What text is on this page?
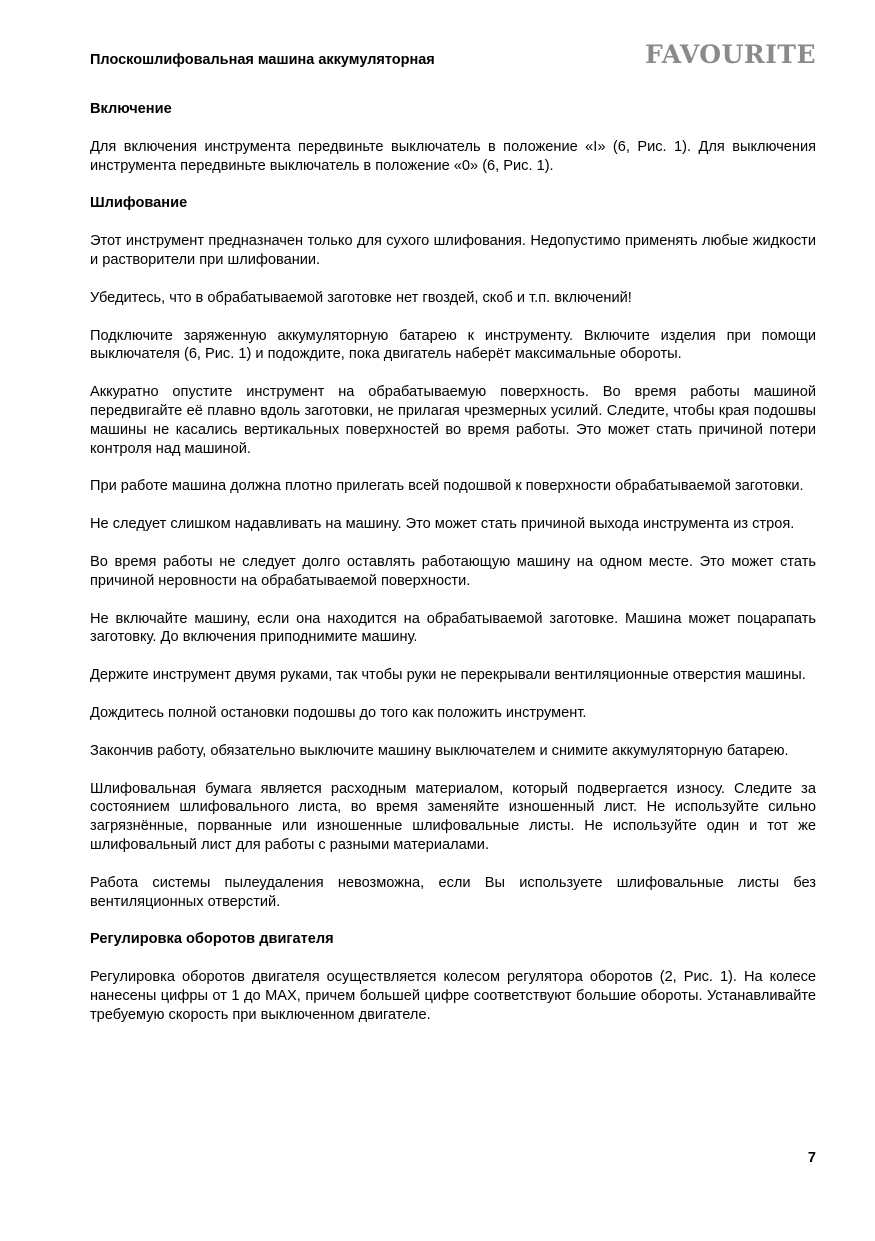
Плоскошлифовальная машина аккумуляторная	FAVOURITE
Включение

Для включения инструмента передвиньте выключатель в положение «I» (6, Рис. 1). Для выключения инструмента передвиньте выключатель в положение «0» (6, Рис. 1).

Шлифование

Этот инструмент предназначен только для сухого шлифования. Недопустимо применять любые жидкости и растворители при шлифовании.

Убедитесь, что в обрабатываемой заготовке нет гвоздей, скоб и т.п. включений!

Подключите заряженную аккумуляторную батарею к инструменту. Включите изделия при помощи выключателя (6, Рис. 1) и подождите, пока двигатель наберёт максимальные обороты.

Аккуратно опустите инструмент на обрабатываемую поверхность. Во время работы машиной передвигайте её плавно вдоль заготовки, не прилагая чрезмерных усилий. Следите, чтобы края подошвы машины не касались вертикальных поверхностей во время работы. Это может стать причиной потери контроля над машиной.

При работе машина должна плотно прилегать всей подошвой к поверхности обрабатываемой заготовки.

Не следует слишком надавливать на машину. Это может стать причиной выхода инструмента из строя.

Во время работы не следует долго оставлять работающую машину на одном месте. Это может стать причиной неровности на обрабатываемой поверхности.

Не включайте машину, если она находится на обрабатываемой заготовке. Машина может поцарапать заготовку. До включения приподнимите машину.

Держите инструмент двумя руками, так чтобы руки не перекрывали вентиляционные отверстия машины.

Дождитесь полной остановки подошвы до того как положить инструмент.

Закончив работу, обязательно выключите машину выключателем и снимите аккумуляторную батарею.

Шлифовальная бумага является расходным материалом, который подвергается износу. Следите за состоянием шлифовального листа, во время заменяйте изношенный лист. Не используйте сильно загрязнённые, порванные или изношенные шлифовальные листы. Не используйте один и тот же шлифовальный лист для работы с разными материалами.

Работа системы пылеудаления невозможна, если Вы используете шлифовальные листы без вентиляционных отверстий.

Регулировка оборотов двигателя

Регулировка оборотов двигателя осуществляется колесом регулятора оборотов (2, Рис. 1). На колесе нанесены цифры от 1 до MAX, причем большей цифре соответствуют большие обороты. Устанавливайте требуемую скорость при выключенном двигателе.

7
